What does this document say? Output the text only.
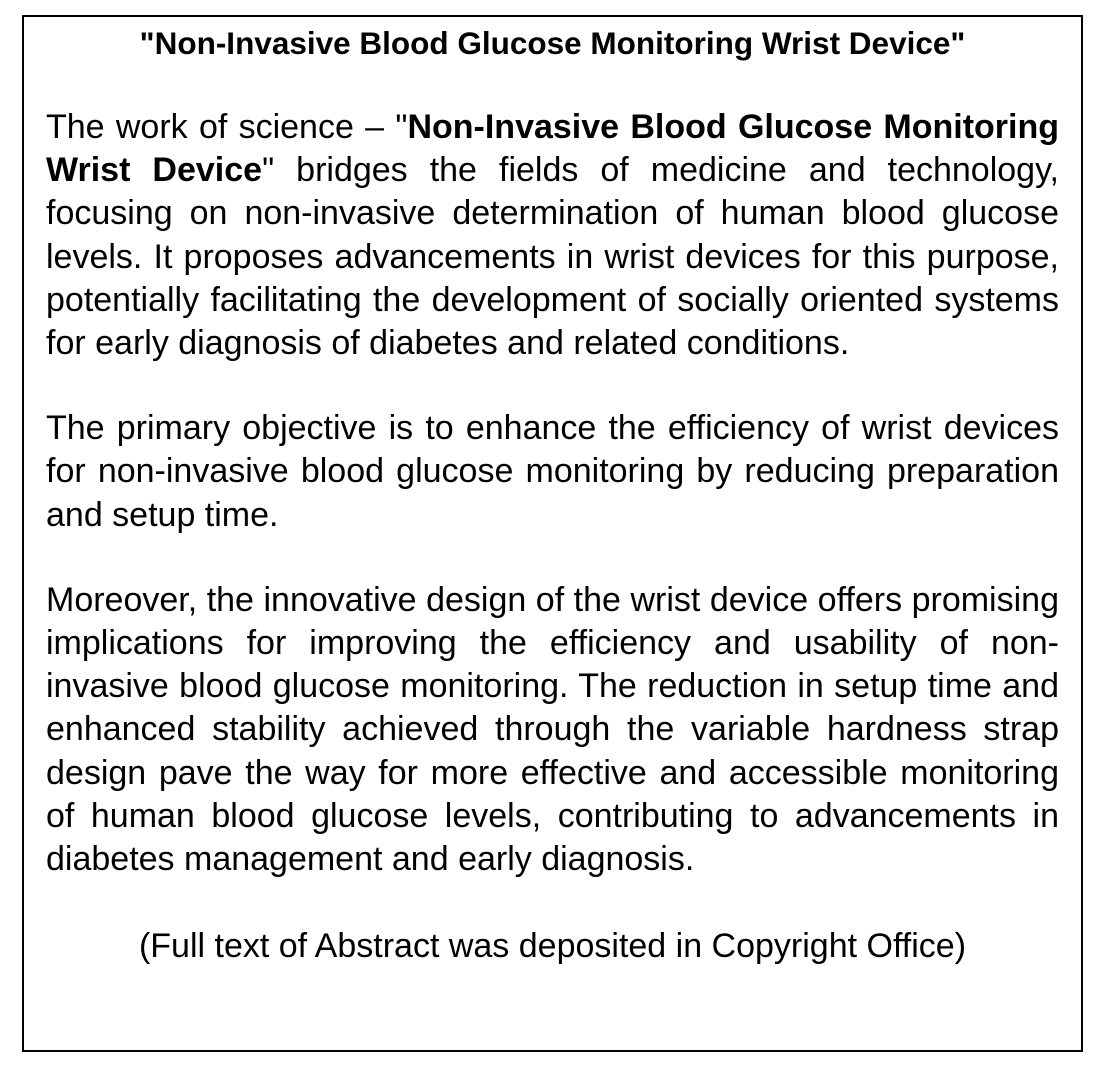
"Non-Invasive Blood Glucose Monitoring Wrist Device"

The work of science – "Non-Invasive Blood Glucose Monitoring Wrist Device" bridges the fields of medicine and technology, focusing on non-invasive determination of human blood glucose levels. It proposes advancements in wrist devices for this purpose, potentially facilitating the development of socially oriented systems for early diagnosis of diabetes and related conditions.

The primary objective is to enhance the efficiency of wrist devices for non-invasive blood glucose monitoring by reducing preparation and setup time.

Moreover, the innovative design of the wrist device offers promising implications for improving the efficiency and usability of non-invasive blood glucose monitoring. The reduction in setup time and enhanced stability achieved through the variable hardness strap design pave the way for more effective and accessible monitoring of human blood glucose levels, contributing to advancements in diabetes management and early diagnosis.

(Full text of Abstract was deposited in Copyright Office)
